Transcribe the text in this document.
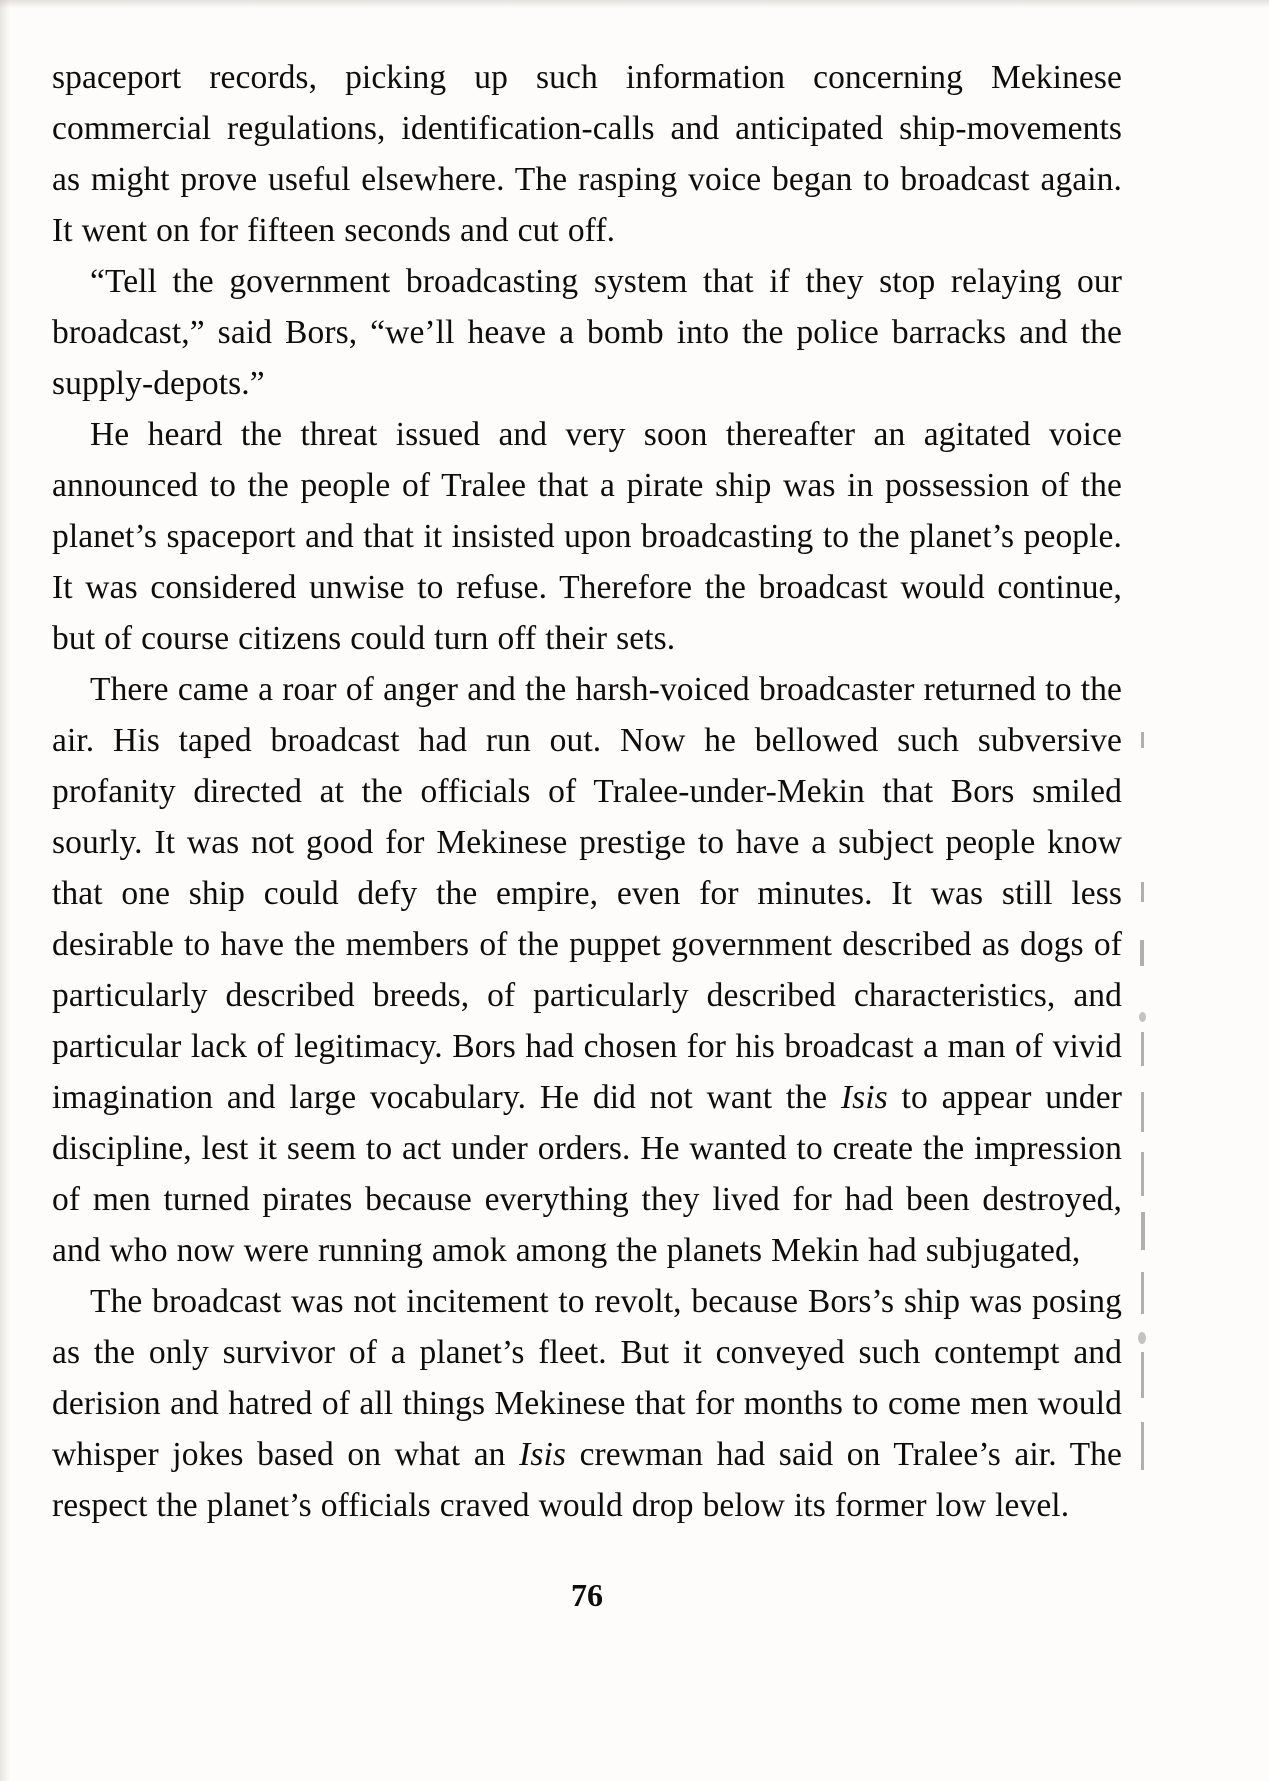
spaceport records, picking up such information concerning Mekinese commercial regulations, identification-calls and anticipated ship-movements as might prove useful elsewhere. The rasping voice began to broadcast again. It went on for fifteen seconds and cut off.

“Tell the government broadcasting system that if they stop relaying our broadcast,” said Bors, “we’ll heave a bomb into the police barracks and the supply-depots.”

He heard the threat issued and very soon thereafter an agitated voice announced to the people of Tralee that a pirate ship was in possession of the planet’s spaceport and that it insisted upon broadcasting to the planet’s people. It was considered unwise to refuse. Therefore the broadcast would continue, but of course citizens could turn off their sets.

There came a roar of anger and the harsh-voiced broadcaster returned to the air. His taped broadcast had run out. Now he bellowed such subversive profanity directed at the officials of Tralee-under-Mekin that Bors smiled sourly. It was not good for Mekinese prestige to have a subject people know that one ship could defy the empire, even for minutes. It was still less desirable to have the members of the puppet government described as dogs of particularly described breeds, of particularly described characteristics, and particular lack of legitimacy. Bors had chosen for his broadcast a man of vivid imagination and large vocabulary. He did not want the Isis to appear under discipline, lest it seem to act under orders. He wanted to create the impression of men turned pirates because everything they lived for had been destroyed, and who now were running amok among the planets Mekin had subjugated,

The broadcast was not incitement to revolt, because Bors’s ship was posing as the only survivor of a planet’s fleet. But it conveyed such contempt and derision and hatred of all things Mekinese that for months to come men would whisper jokes based on what an Isis crewman had said on Tralee’s air. The respect the planet’s officials craved would drop below its former low level.

76
